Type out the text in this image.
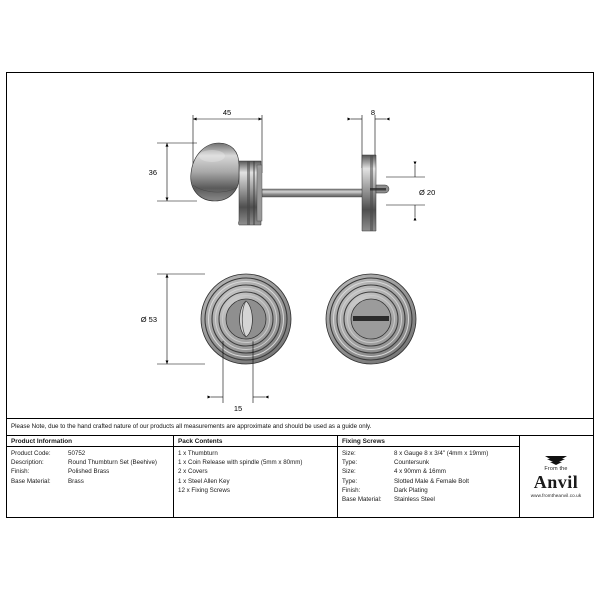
45	8
36
Ø 20
Ø 53
15
Please Note, due to the hand crafted nature of our products all measurements are approximate and should be used as a guide only.
Product Information
Product Code:	50752
Description:	Round Thumbturn Set (Beehive)
Finish:	Polished Brass
Base Material:	Brass
Pack Contents
1 x Thumbturn
1 x Coin Release with spindle (5mm x 80mm)
2 x Covers
1 x Steel Allen Key
12 x Fixing Screws
Fixing Screws
Size:	8 x Gauge 8 x 3/4" (4mm x 19mm)
Type:	Countersunk
Size:	4 x 90mm & 16mm
Type:	Slotted Male & Female Bolt
Finish:	Dark Plating
Base Material:	Stainless Steel
From the
Anvil
www.fromtheanvil.co.uk
